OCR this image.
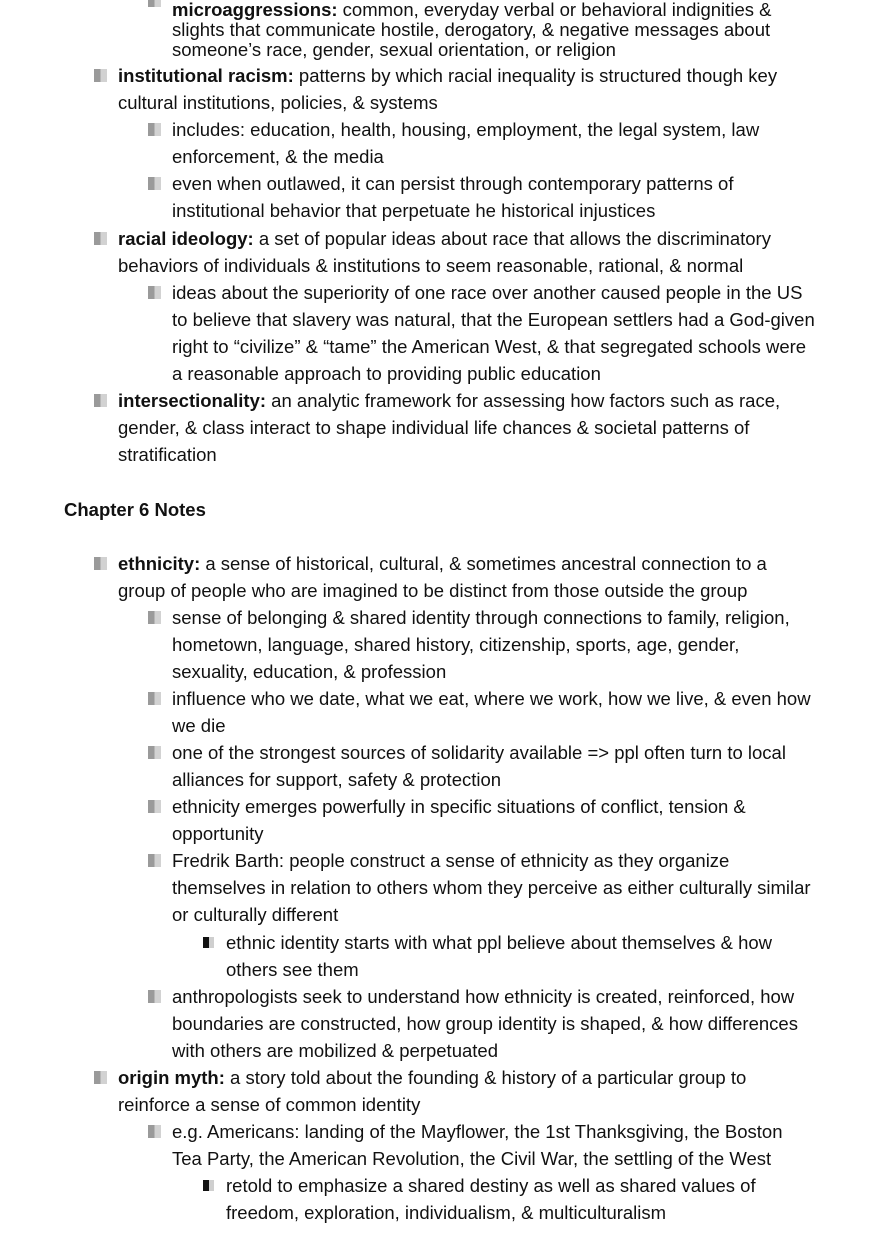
microaggressions: common, everyday verbal or behavioral indignities & slights that communicate hostile, derogatory, & negative messages about someone’s race, gender, sexual orientation, or religion
institutional racism: patterns by which racial inequality is structured though key cultural institutions, policies, & systems
includes: education, health, housing, employment, the legal system, law enforcement, & the media
even when outlawed, it can persist through contemporary patterns of institutional behavior that perpetuate he historical injustices
racial ideology: a set of popular ideas about race that allows the discriminatory behaviors of individuals & institutions to seem reasonable, rational, & normal
ideas about the superiority of one race over another caused people in the US to believe that slavery was natural, that the European settlers had a God-given right to “civilize” & “tame” the American West, & that segregated schools were a reasonable approach to providing public education
intersectionality: an analytic framework for assessing how factors such as race, gender, & class interact to shape individual life chances & societal patterns of stratification
Chapter 6 Notes
ethnicity: a sense of historical, cultural, & sometimes ancestral connection to a group of people who are imagined to be distinct from those outside the group
sense of belonging & shared identity through connections to family, religion, hometown, language, shared history, citizenship, sports, age, gender, sexuality, education, & profession
influence who we date, what we eat, where we work, how we live, & even how we die
one of the strongest sources of solidarity available => ppl often turn to local alliances for support, safety & protection
ethnicity emerges powerfully in specific situations of conflict, tension & opportunity
Fredrik Barth: people construct a sense of ethnicity as they organize themselves in relation to others whom they perceive as either culturally similar or culturally different
ethnic identity starts with what ppl believe about themselves & how others see them
anthropologists seek to understand how ethnicity is created, reinforced, how boundaries are constructed, how group identity is shaped, & how differences with others are mobilized & perpetuated
origin myth: a story told about the founding & history of a particular group to reinforce a sense of common identity
e.g. Americans: landing of the Mayflower, the 1st Thanksgiving, the Boston Tea Party, the American Revolution, the Civil War, the settling of the West
retold to emphasize a shared destiny as well as shared values of freedom, exploration, individualism, & multiculturalism
